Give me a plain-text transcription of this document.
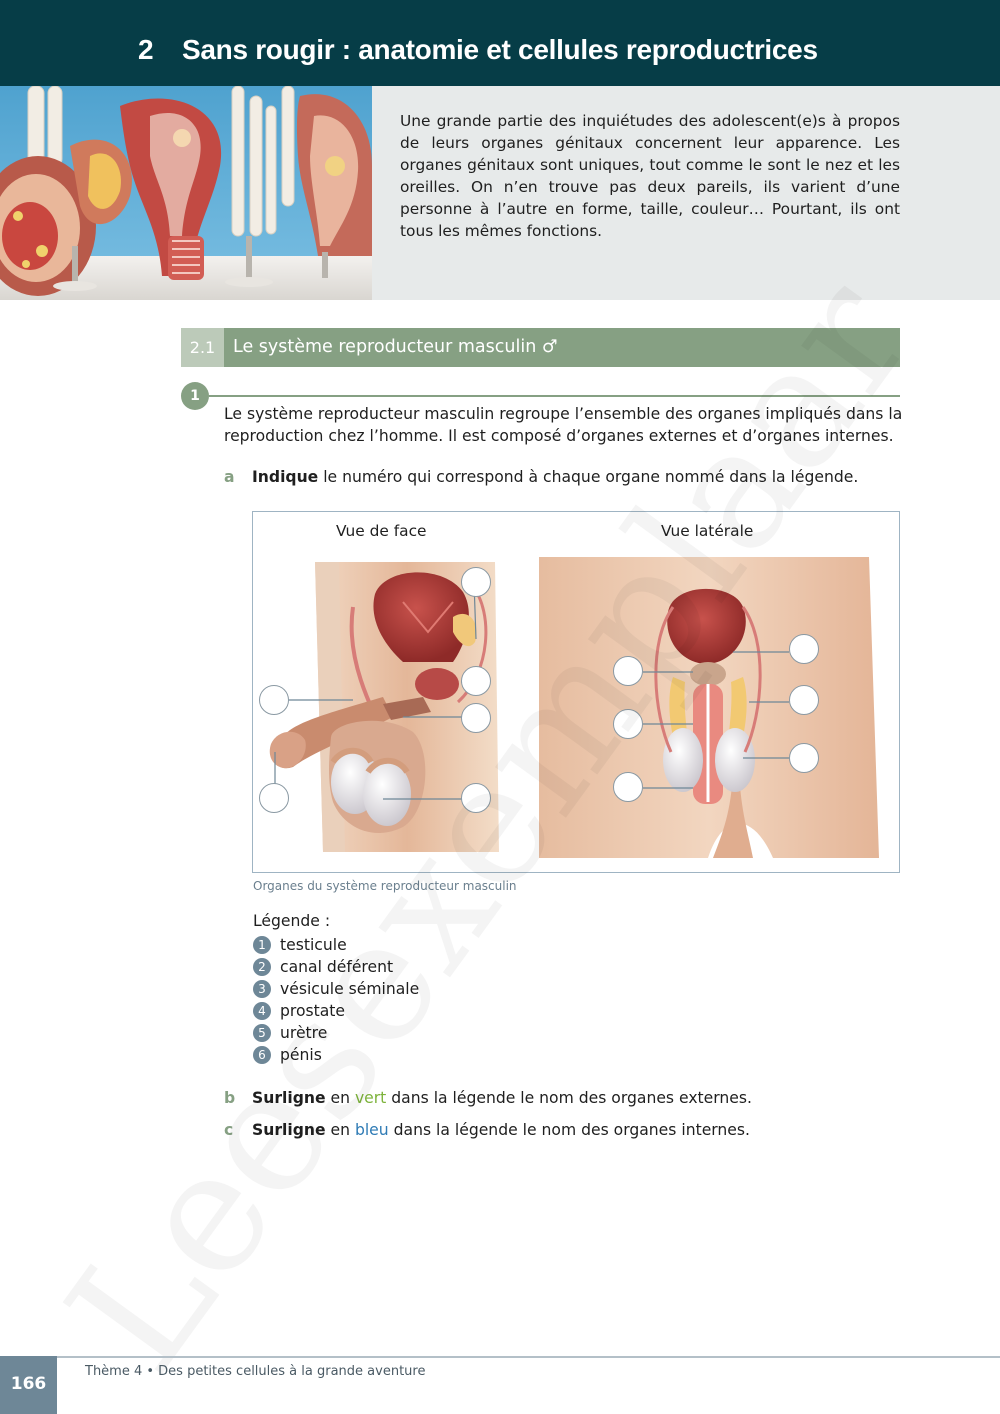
2 Sans rougir : anatomie et cellules reproductrices

Une grande partie des inquiétudes des adolescent(e)s à propos de leurs organes génitaux concernent leur apparence. Les organes génitaux sont uniques, tout comme le sont le nez et les oreilles. On n’en trouve pas deux pareils, ils varient d’une personne à l’autre en forme, taille, couleur… Pourtant, ils ont tous les mêmes fonctions.

2.1	Le système reproducteur masculin ♂
1

Le système reproducteur masculin regroupe l’ensemble des organes impliqués dans la reproduction chez l’homme. Il est composé d’organes externes et d’organes internes.

a Indique le numéro qui correspond à chaque organe nommé dans la légende.

Vue de face	Vue latérale

Organes du système reproducteur masculin

Légende :

1 testicule
2 canal déférent
3 vésicule séminale
4 prostate
5 urètre
6 pénis

b Surligne en vert dans la légende le nom des organes externes.

c Surligne en bleu dans la légende le nom des organes internes.

166

Thème 4 • Des petites cellules à la grande aventure
